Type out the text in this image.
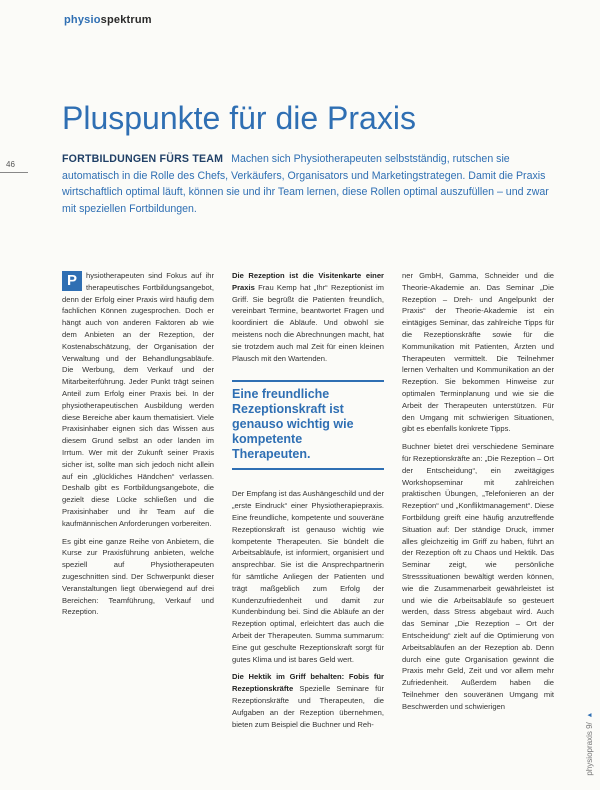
physiospektrum
Pluspunkte für die Praxis
46	FORTBILDUNGEN FÜRS TEAM Machen sich Physiotherapeuten selbstständig, rutschen sie automatisch in die Rolle des Chefs, Verkäufers, Organisators und Marketingstrategen. Damit die Praxis wirtschaftlich optimal läuft, können sie und ihr Team lernen, diese Rollen optimal auszufüllen – und zwar mit speziellen Fortbildungen.

P	hysiotherapeuten sind Fokus auf ihr therapeutisches Fortbildungsangebot, denn der Erfolg einer Praxis wird häufig dem fachlichen Können zugesprochen. Doch er hängt auch von anderen Faktoren ab wie dem Anbieten an der Rezeption, der Kostenabschätzung, der Organisation der Verwaltung und der Behandlungsabläufe. Die Werbung, dem Verkauf und der Mitarbeiterführung. Jeder Punkt trägt seinen Anteil zum Erfolg einer Praxis bei. In der physiotherapeutischen Ausbildung werden diese Bereiche aber kaum thematisiert. Viele Praxisinhaber eignen sich das Wissen aus diesem Grund selbst an oder landen im Irrtum. Wer mit der Zukunft seiner Praxis sicher ist, sollte man sich jedoch nicht allein auf ein „glückliches Händchen“ verlassen. Deshalb gibt es Fortbildungsangebote, die gezielt diese Lücke schließen und die Praxisinhaber und ihr Team auf die kaufmännischen Anforderungen vorbereiten.

Es gibt eine ganze Reihe von Anbietern, die Kurse zur Praxisführung anbieten, welche speziell auf Physiotherapeuten zugeschnitten sind. Der Schwerpunkt dieser Veranstaltungen liegt überwiegend auf drei Bereichen: Teamführung, Verkauf und Rezeption.

Die Rezeption ist die Visitenkarte einer Praxis Frau Kemp hat „Ihr“ Rezeptionist im Griff. Sie begrüßt die Patienten freundlich, vereinbart Termine, beantwortet Fragen und koordiniert die Abläufe. Und obwohl sie meistens noch die Abrechnungen macht, hat sie trotzdem auch mal Zeit für einen kleinen Plausch mit den Wartenden.

Eine freundliche Rezeptionskraft ist genauso wichtig wie kompetente Therapeuten.

Der Empfang ist das Aushängeschild und der „erste Eindruck“ einer Physiotherapiepraxis. Eine freundliche, kompetente und souveräne Rezeptionskraft ist genauso wichtig wie kompetente Therapeuten. Sie bündelt die Arbeitsabläufe, ist informiert, organisiert und ansprechbar. Sie ist die Ansprechpartnerin für sämtliche Anliegen der Patienten und trägt maßgeblich zum Erfolg der Kundenzufriedenheit und damit zur Kundenbindung bei. Sind die Abläufe an der Rezeption optimal, erleichtert das auch die Arbeit der Therapeuten. Summa summarum: Eine gut geschulte Rezeptionskraft sorgt für gutes Klima und ist bares Geld wert.

Die Hektik im Griff behalten: Fobis für Rezeptionskräfte Spezielle Seminare für Rezeptionskräfte und Therapeuten, die Aufgaben an der Rezeption übernehmen, bieten zum Beispiel die Buchner und Reh-

ner GmbH, Gamma, Schneider und die Theorie-Akademie an. Das Seminar „Die Rezeption – Dreh- und Angelpunkt der Praxis“ der Theorie-Akademie ist ein eintägiges Seminar, das zahlreiche Tipps für die Rezeptionskräfte sowie für die Kommunikation mit Patienten, Ärzten und Therapeuten vermittelt. Die Teilnehmer lernen Verhalten und Kommunikation an der Rezeption. Sie bekommen Hinweise zur optimalen Terminplanung und wie sie die Arbeit der Therapeuten unterstützen. Für den Umgang mit schwierigen Situationen, gibt es ebenfalls konkrete Tipps.

Buchner bietet drei verschiedene Seminare für Rezeptionskräfte an: „Die Rezeption – Ort der Entscheidung“, ein zweitägiges Workshopseminar mit zahlreichen praktischen Übungen, „Telefonieren an der Rezeption“ und „Konfliktmanagement“. Diese Fortbildung greift eine häufig anzutreffende Situation auf: Der ständige Druck, immer alles gleichzeitig im Griff zu haben, führt an der Rezeption oft zu Chaos und Hektik. Das Seminar zeigt, wie persönliche Stresssituationen bewältigt werden können, wie die Zusammenarbeit gewährleistet ist und wie die Arbeitsabläufe so gesteuert werden, dass Stress abgebaut wird. Auch das Seminar „Die Rezeption – Ort der Entscheidung“ zielt auf die Optimierung von Arbeitsabläufen an der Rezeption ab. Denn durch eine gute Organisation gewinnt die Praxis mehr Geld, Zeit und vor allem mehr Zufriedenheit. Außerdem haben die Teilnehmer den souveränen Umgang mit Beschwerden und schwierigen

physiopraxis 9/ ▸
